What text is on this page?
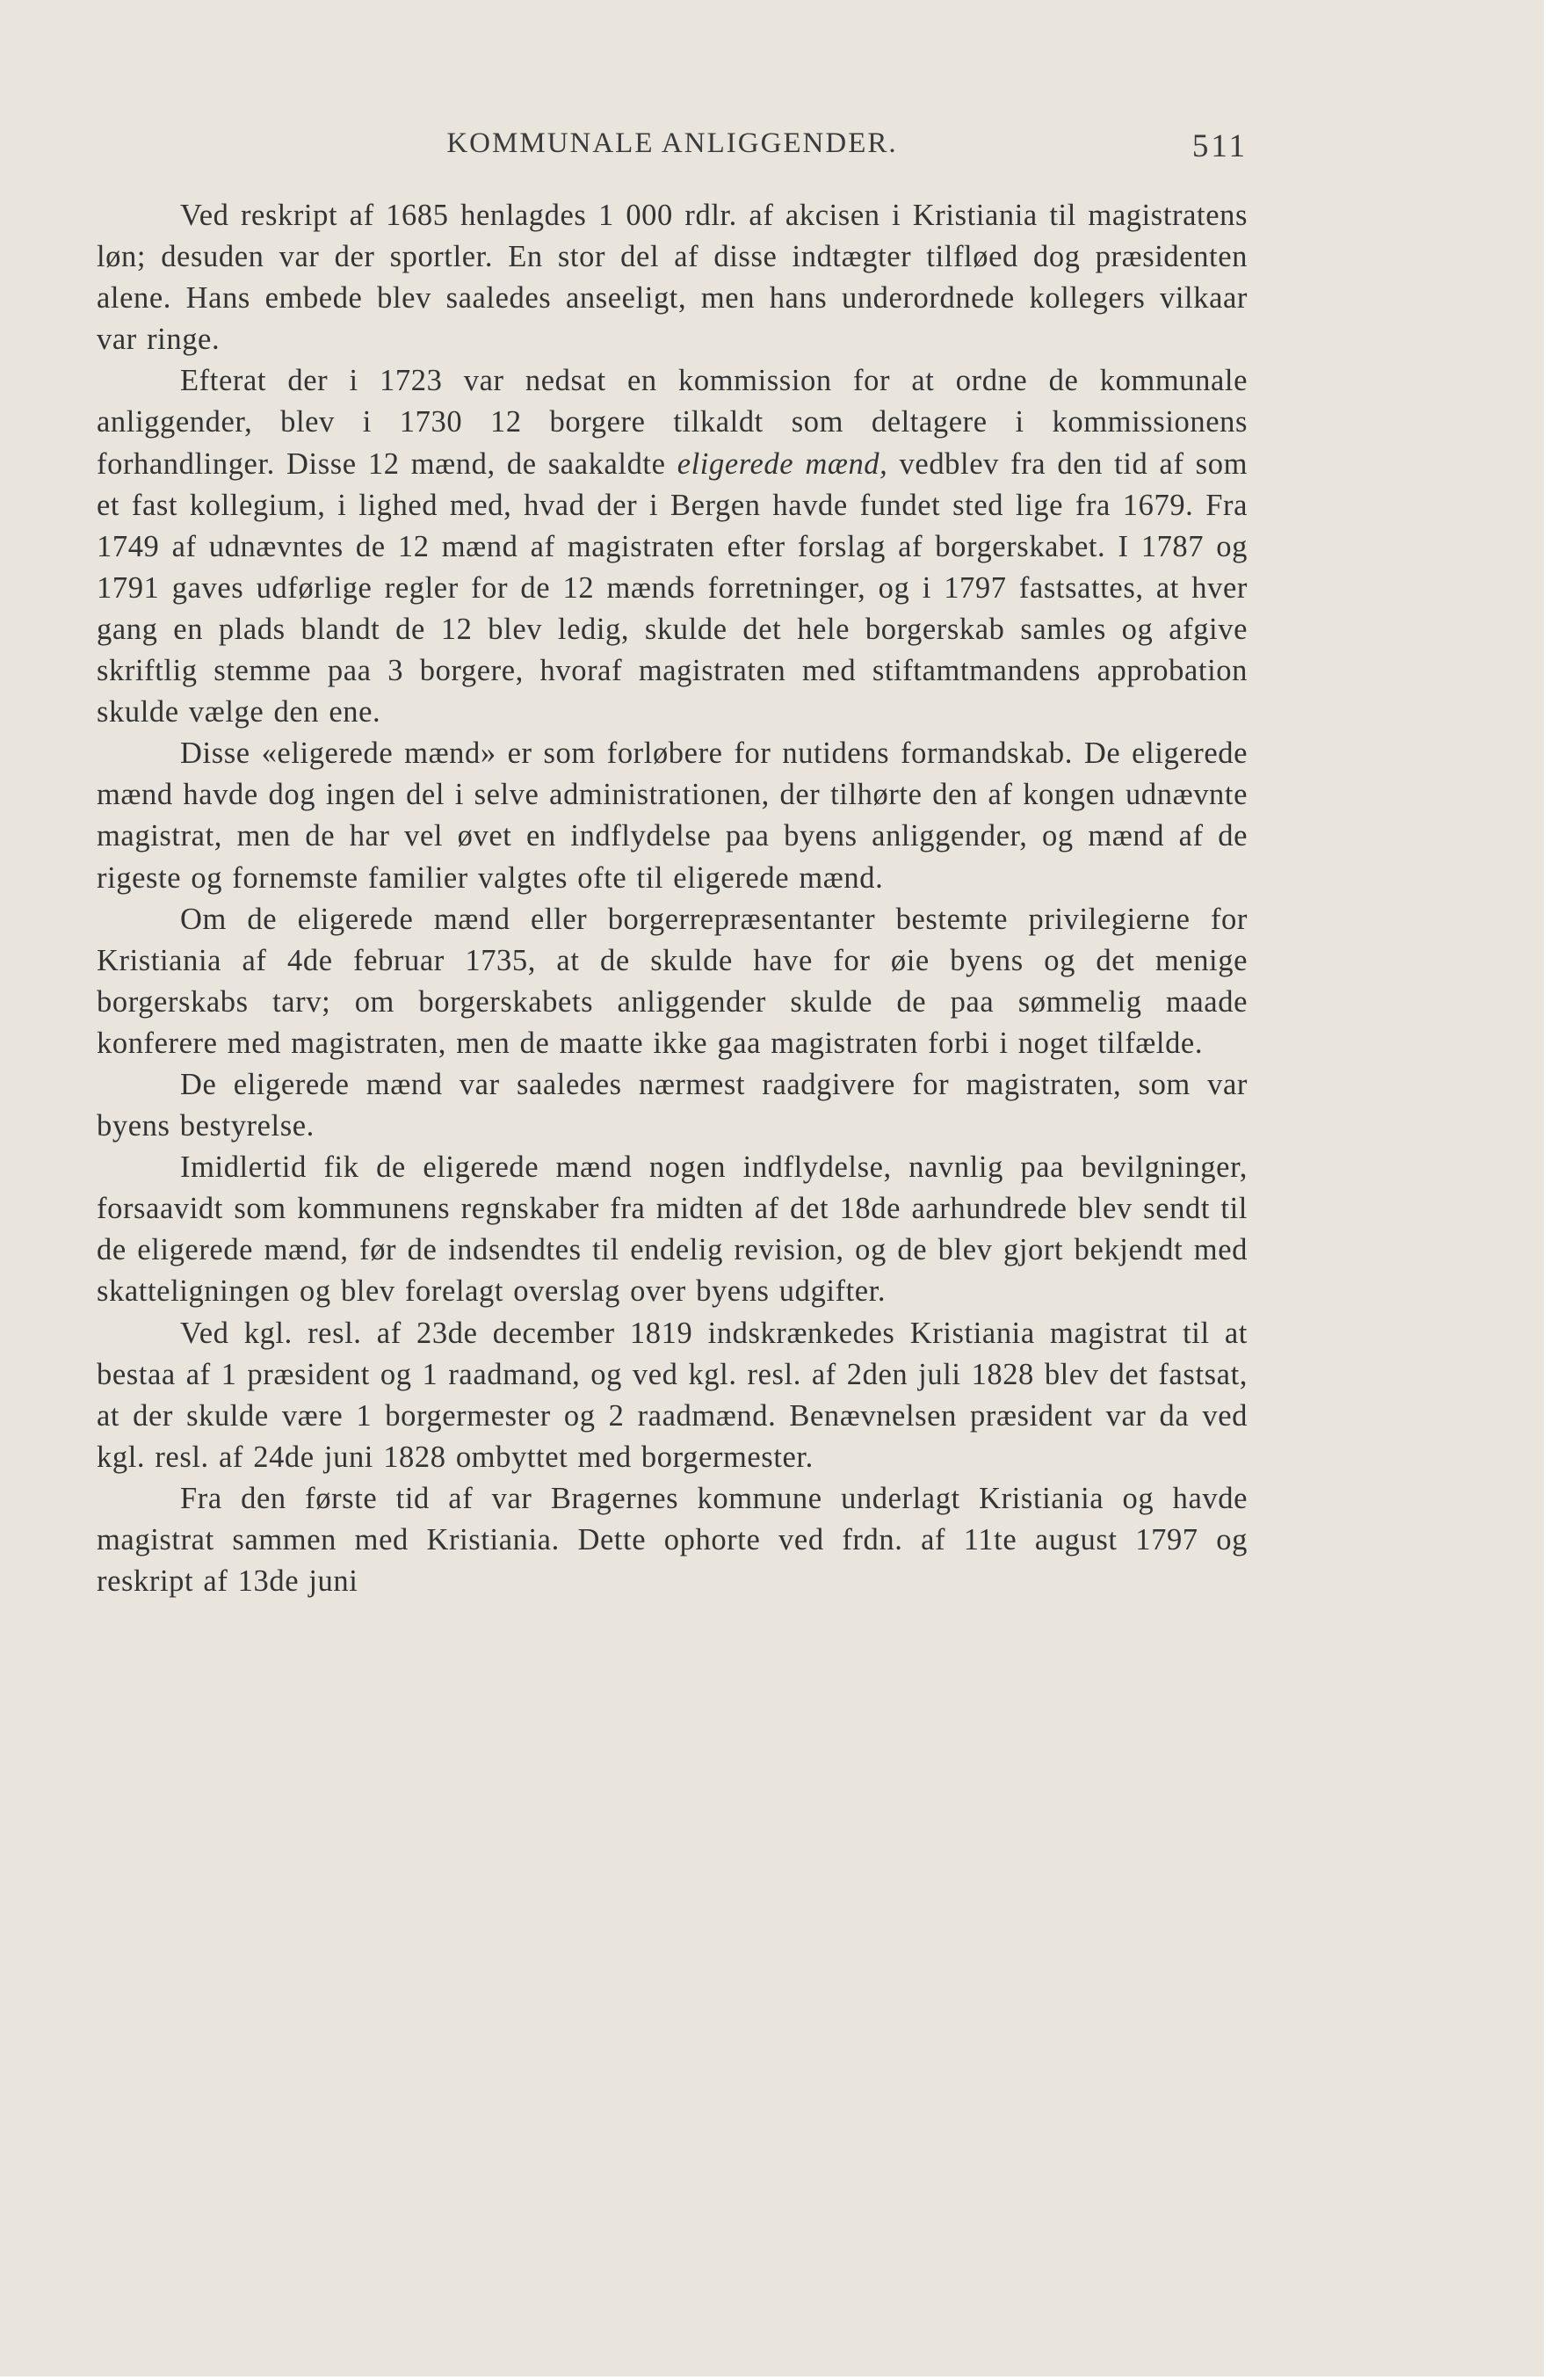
KOMMUNALE ANLIGGENDER.	511

Ved reskript af 1685 henlagdes 1 000 rdlr. af akcisen i Kristiania til magistratens løn; desuden var der sportler. En stor del af disse indtægter tilfløed dog præsidenten alene. Hans embede blev saaledes anseeligt, men hans underordnede kollegers vilkaar var ringe.

Efterat der i 1723 var nedsat en kommission for at ordne de kommunale anliggender, blev i 1730 12 borgere tilkaldt som deltagere i kommissionens forhandlinger. Disse 12 mænd, de saakaldte eligerede mænd, vedblev fra den tid af som et fast kollegium, i lighed med, hvad der i Bergen havde fundet sted lige fra 1679. Fra 1749 af udnævntes de 12 mænd af magistraten efter forslag af borgerskabet. I 1787 og 1791 gaves udførlige regler for de 12 mænds forretninger, og i 1797 fastsattes, at hver gang en plads blandt de 12 blev ledig, skulde det hele borgerskab samles og afgive skriftlig stemme paa 3 borgere, hvoraf magistraten med stiftamtmandens approbation skulde vælge den ene.

Disse «eligerede mænd» er som forløbere for nutidens formandskab. De eligerede mænd havde dog ingen del i selve administrationen, der tilhørte den af kongen udnævnte magistrat, men de har vel øvet en indflydelse paa byens anliggender, og mænd af de rigeste og fornemste familier valgtes ofte til eligerede mænd.

Om de eligerede mænd eller borgerrepræsentanter bestemte privilegierne for Kristiania af 4de februar 1735, at de skulde have for øie byens og det menige borgerskabs tarv; om borgerskabets anliggender skulde de paa sømmelig maade konferere med magistraten, men de maatte ikke gaa magistraten forbi i noget tilfælde.

De eligerede mænd var saaledes nærmest raadgivere for magistraten, som var byens bestyrelse.

Imidlertid fik de eligerede mænd nogen indflydelse, navnlig paa bevilgninger, forsaavidt som kommunens regnskaber fra midten af det 18de aarhundrede blev sendt til de eligerede mænd, før de indsendtes til endelig revision, og de blev gjort bekjendt med skatteligningen og blev forelagt overslag over byens udgifter.

Ved kgl. resl. af 23de december 1819 indskrænkedes Kristiania magistrat til at bestaa af 1 præsident og 1 raadmand, og ved kgl. resl. af 2den juli 1828 blev det fastsat, at der skulde være 1 borgermester og 2 raadmænd. Benævnelsen præsident var da ved kgl. resl. af 24de juni 1828 ombyttet med borgermester.

Fra den første tid af var Bragernes kommune underlagt Kristiania og havde magistrat sammen med Kristiania. Dette ophorte ved frdn. af 11te august 1797 og reskript af 13de juni
